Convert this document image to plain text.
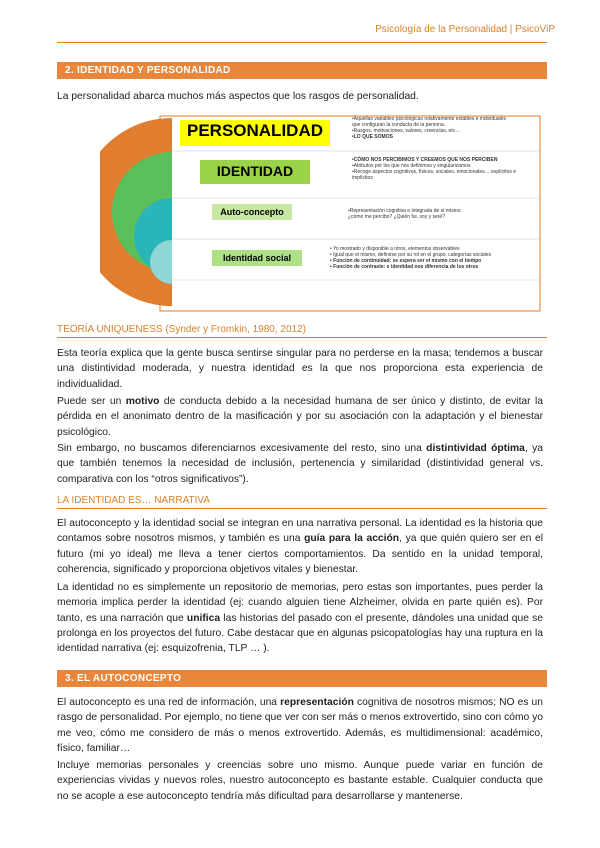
Psicología de la Personalidad | PsicoViP
2. IDENTIDAD Y PERSONALIDAD
La personalidad abarca muchos más aspectos que los rasgos de personalidad.
PERSONALIDAD
IDENTIDAD
Auto-concepto
Identidad social
•Aquellas variables psicológicas relativamente estables e individuales que configuran la conducta de la persona.
•Rasgos, motivaciones, valores, creencias, etc…
•LO QUE SOMOS
•CÓMO NOS PERCIBIMOS Y CREEMOS QUE NOS PERCIBEN
•Atributos por los que nos definimos y singularizamos
•Recoge aspectos cognitivos, físicos, sociales, emocionales… explícitos e implícitos
•Representación cognitiva e integrada de sí mismo
¿cómo me percibo? ¿Quién fui, soy y seré?
• Yo mostrado y disponible a otros, elementos observables
• Igual que el mismo, definirse por su rol en el grupo, categorías sociales
• Función de continuidad: se espera ser el mismo con el tiempo
• Función de contraste: e identidad nos diferencia de los otros
TEORÍA UNIQUENESS (Synder y Fromkin, 1980, 2012)
Esta teoría explica que la gente busca sentirse singular para no perderse en la masa; tendemos a buscar una distintividad moderada, y nuestra identidad es la que nos proporciona esta experiencia de individualidad.
Puede ser un motivo de conducta debido a la necesidad humana de ser único y distinto, de evitar la pérdida en el anonimato dentro de la masificación y por su asociación con la adaptación y el bienestar psicológico.
Sin embargo, no buscamos diferenciarnos excesivamente del resto, sino una distintividad óptima, ya que también tenemos la necesidad de inclusión, pertenencia y similaridad (distintividad general vs. comparativa con los “otros significativos”).
LA IDENTIDAD ES… NARRATIVA
El autoconcepto y la identidad social se integran en una narrativa personal. La identidad es la historia que contamos sobre nosotros mismos, y también es una guía para la acción, ya que quién quiero ser en el futuro (mi yo ideal) me lleva a tener ciertos comportamientos. Da sentido en la unidad temporal, coherencia, significado y proporciona objetivos vitales y bienestar.
La identidad no es simplemente un repositorio de memorias, pero estas son importantes, pues perder la memoria implica perder la identidad (ej: cuando alguien tiene Alzheimer, olvida en parte quién es). Por tanto, es una narración que unifica las historias del pasado con el presente, dándoles una unidad que se prolonga en los proyectos del futuro. Cabe destacar que en algunas psicopatologías hay una ruptura en la identidad narrativa (ej: esquizofrenia, TLP … ).
3. EL AUTOCONCEPTO
El autoconcepto es una red de información, una representación cognitiva de nosotros mismos; NO es un rasgo de personalidad. Por ejemplo, no tiene que ver con ser más o menos extrovertido, sino con cómo yo me veo, cómo me considero de más o menos extrovertido. Además, es multidimensional: académico, físico, familiar…
Incluye memorias personales y creencias sobre uno mismo. Aunque puede variar en función de experiencias vividas y nuevos roles, nuestro autoconcepto es bastante estable. Cualquier conducta que no se acople a ese autoconcepto tendría más dificultad para desarrollarse y mantenerse.
